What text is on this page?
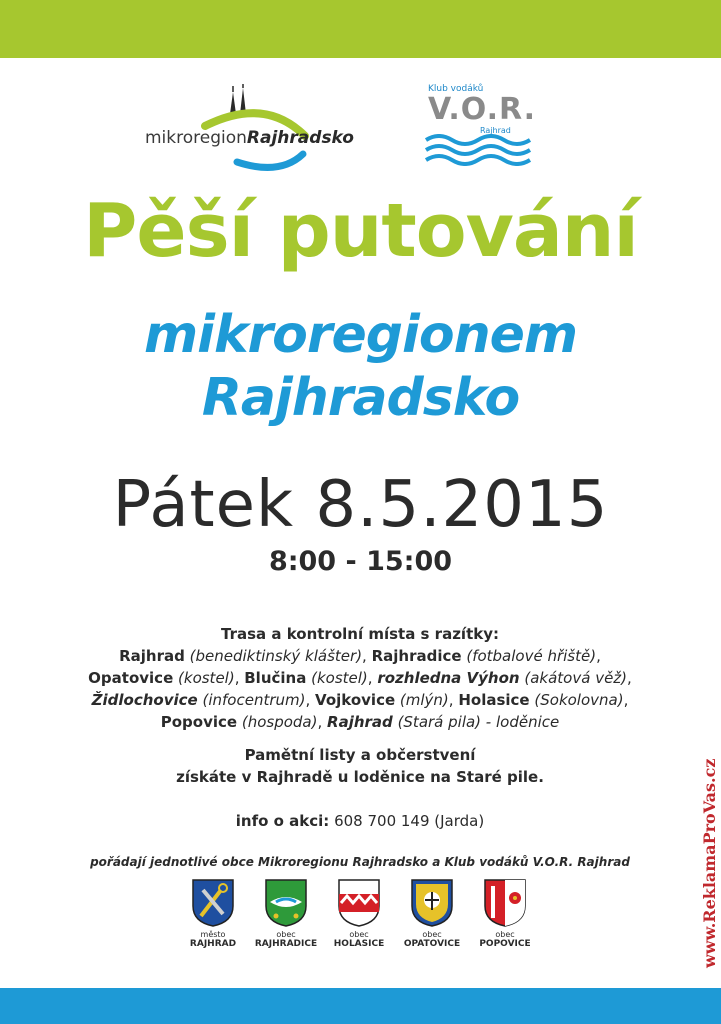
mikroregionRajhradsko
Klub vodáků
V.O.R.
Rajhrad
Pěší putování
mikroregionem
Rajhradsko
Pátek 8.5.2015
8:00 - 15:00
Trasa a kontrolní místa s razítky:
Rajhrad (benediktinský klášter), Rajhradice (fotbalové hřiště),
Opatovice (kostel), Blučina (kostel), rozhledna Výhon (akátová věž),
Židlochovice (infocentrum), Vojkovice (mlýn), Holasice (Sokolovna),
Popovice (hospoda), Rajhrad (Stará pila) - loděnice
Pamětní listy a občerstvení
získáte v Rajhradě u loděnice na Staré pile.
info o akci: 608 700 149 (Jarda)
pořádají jednotlivé obce Mikroregionu Rajhradsko a Klub vodáků V.O.R. Rajhrad
město
RAJHRAD
obec
RAJHRADICE
obec
HOLASICE
obec
OPATOVICE
obec
POPOVICE	www.ReklamaProVas.cz
